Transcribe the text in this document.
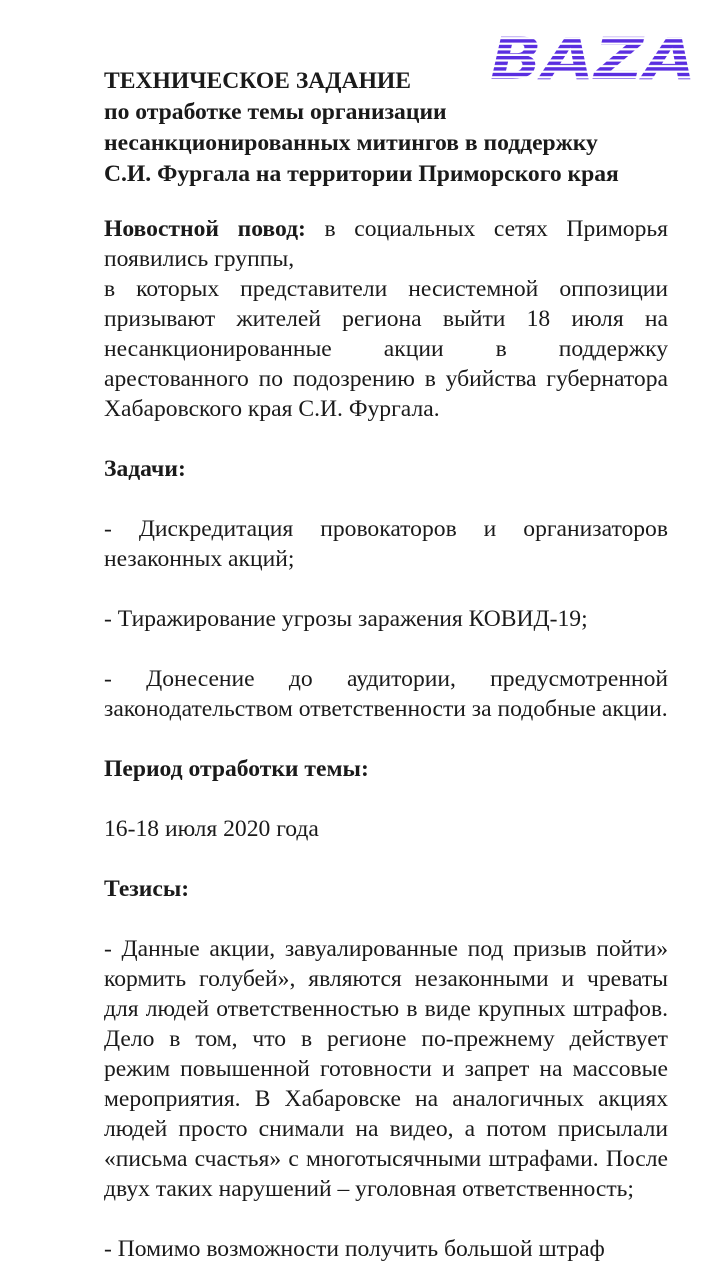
BAZA
ТЕХНИЧЕСКОЕ ЗАДАНИЕ
по отработке темы организации
несанкционированных митингов в поддержку
С.И. Фургала на территории Приморского края

Новостной повод: в социальных сетях Приморья появились группы,

в которых представители несистемной оппозиции призывают жителей региона выйти 18 июля на несанкционированные акции в поддержку арестованного по подозрению в убийства губернатора Хабаровского края С.И. Фургала.

Задачи:

- Дискредитация провокаторов и организаторов незаконных акций;

- Тиражирование угрозы заражения КОВИД-19;

- Донесение до аудитории, предусмотренной законодательством ответственности за подобные акции.

Период отработки темы:

16-18 июля 2020 года

Тезисы:

- Данные акции, завуалированные под призыв пойти» кормить голубей», являются незаконными и чреваты для людей ответственностью в виде крупных штрафов. Дело в том, что в регионе по-прежнему действует режим повышенной готовности и запрет на массовые мероприятия. В Хабаровске на аналогичных акциях людей просто снимали на видео, а потом присылали «письма счастья» с многотысячными штрафами. После двух таких нарушений – уголовная ответственность;

- Помимо возможности получить большой штраф
